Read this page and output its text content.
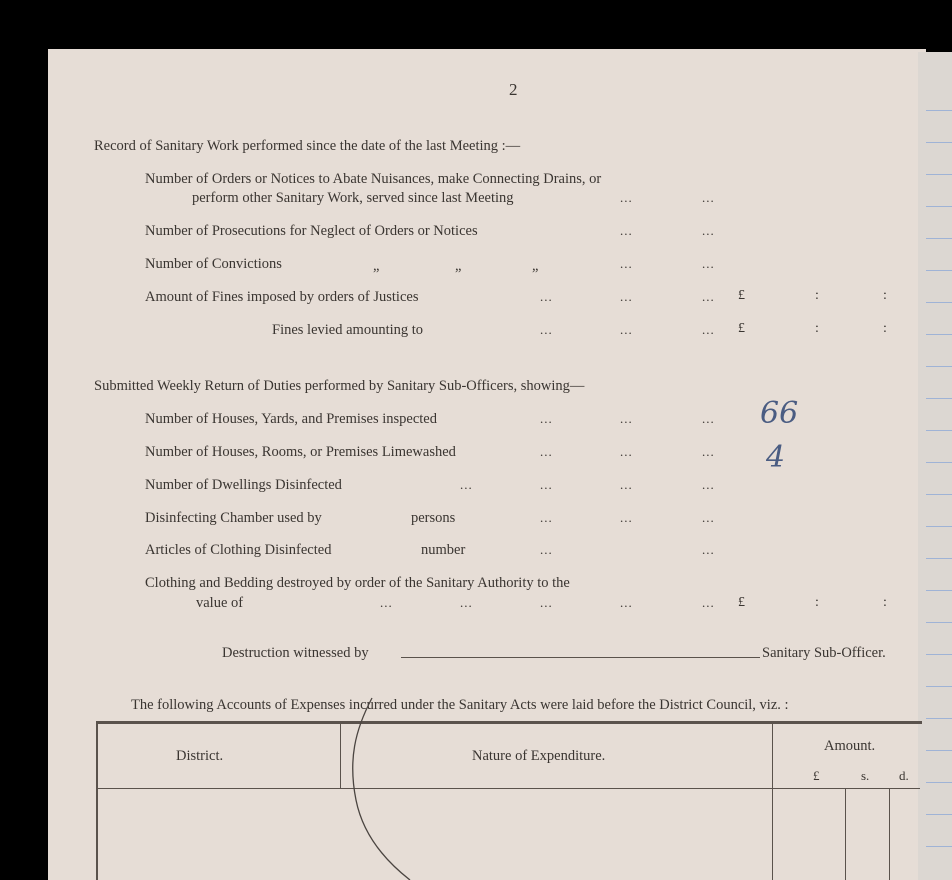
2
Record of Sanitary Work performed since the date of the last Meeting :—
Number of Orders or Notices to Abate Nuisances, make Connecting Drains, or
perform other Sanitary Work, served since last Meeting	...	...
Number of Prosecutions for Neglect of Orders or Notices	...	...
Number of Convictions	„	„	„	...	...
Amount of Fines imposed by orders of Justices	...	...	... £	:	:
Fines levied amounting to	...	...	... £	:	:
Submitted Weekly Return of Duties performed by Sanitary Sub-Officers, showing—
Number of Houses, Yards, and Premises inspected	...	...	... 66
Number of Houses, Rooms, or Premises Limewashed	...	...	... 4
Number of Dwellings Disinfected	...	...	...	...
Disinfecting Chamber used by	persons	...	...	...
Articles of Clothing Disinfected	number	...	...
Clothing and Bedding destroyed by order of the Sanitary Authority to the
value of	...	...	...	...	... £	:	:
Destruction witnessed by	Sanitary Sub-Officer.
The following Accounts of Expenses incurred under the Sanitary Acts were laid before the District Council, viz. :
District.	Nature of Expenditure.
Amount.
£	s. d.
